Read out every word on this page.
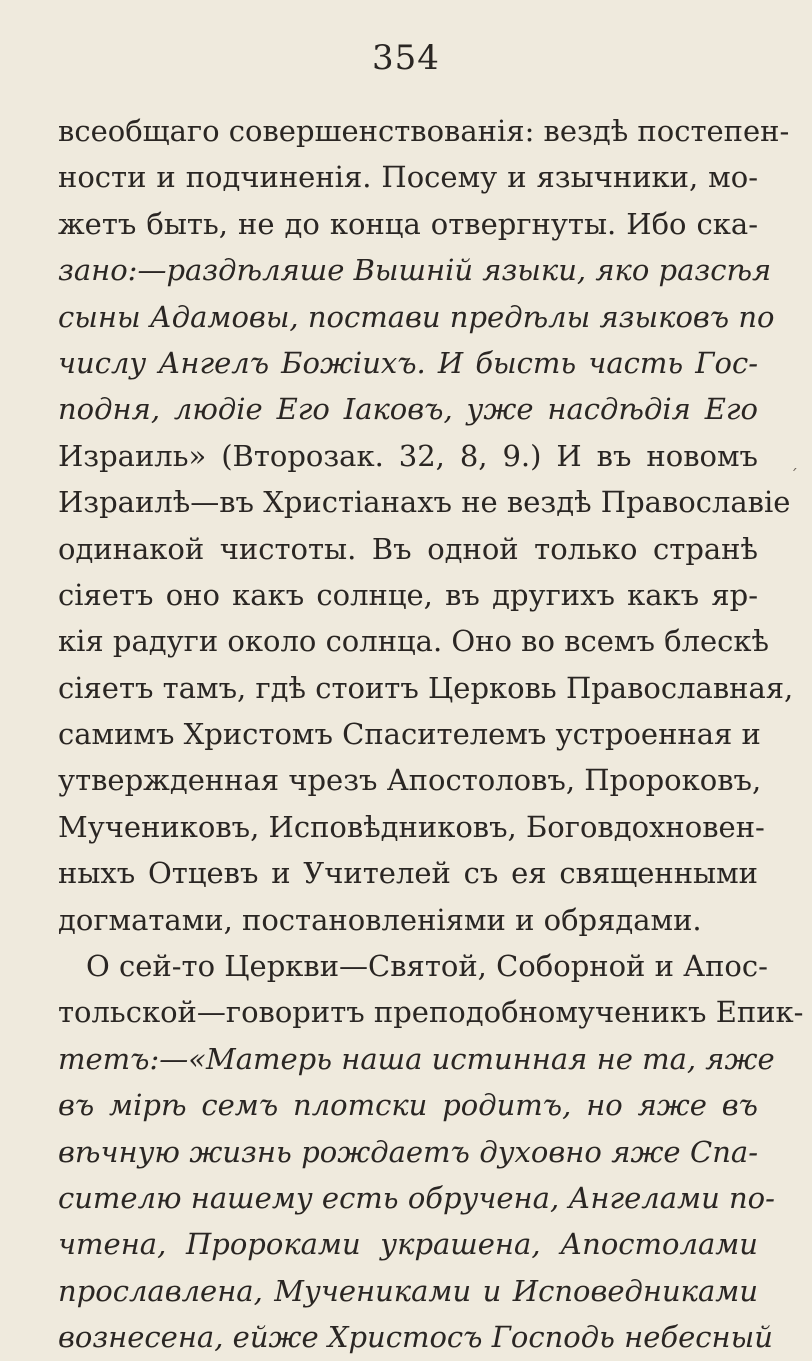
354
всеобщаго совершенствованія: вездѣ постепен-
ности и подчиненія. Посему и язычники, мо-
жетъ быть, не до конца отвергнуты. Ибо ска-
зано:—раздѣляше Вышній языки, яко разсѣя
сыны Адамовы, постави предѣлы языковъ по
числу Ангелъ Божіихъ. И бысть часть Гос-
подня, людіе Его Іаковъ, уже насдѣдія Его
Израиль» (Второзак. 32, 8, 9.) И въ новомъ
Израилѣ—въ Христіанахъ не вездѣ Православіе
одинакой чистоты. Въ одной только странѣ
сіяетъ оно какъ солнце, въ другихъ какъ яр-
кія радуги около солнца. Оно во всемъ блескѣ
сіяетъ тамъ, гдѣ стоитъ Церковь Православная,
самимъ Христомъ Спасителемъ устроенная и
утвержденная чрезъ Апостоловъ, Пророковъ,
Мучениковъ, Исповѣдниковъ, Боговдохновен-
ныхъ Отцевъ и Учителей съ ея священными
догматами, постановленіями и обрядами.
О сей-то Церкви—Святой, Соборной и Апос-
тольской—говоритъ преподобномученикъ Епик-
тетъ:—«Матерь наша истинная не та, яже
въ мірѣ семъ плотски родитъ, но яже въ
вѣчную жизнь рождаетъ духовно яже Спа-
сителю нашему есть обручена, Ангелами по-
чтена, Пророками украшена, Апостолами
прославлена, Мучениками и Исповедниками
вознесена, ейже Христосъ Господь небесный
´
